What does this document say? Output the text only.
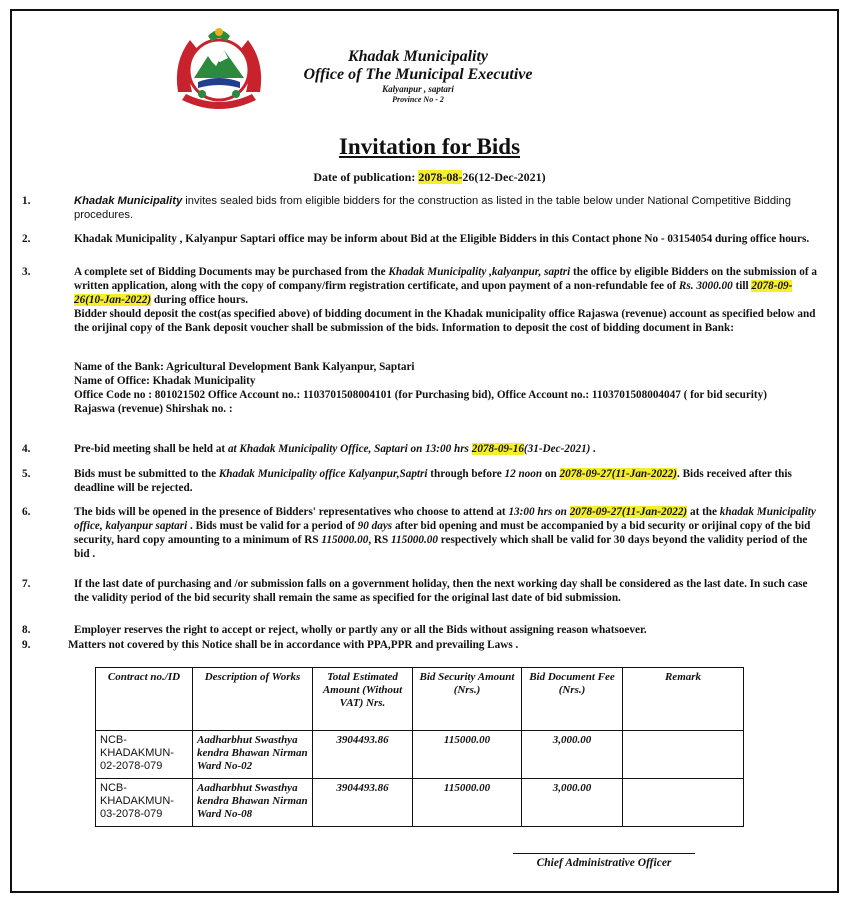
Khadak Municipality
Office of The Municipal Executive
Kalyanpur , saptari
Province No - 2
Invitation for Bids
Date of publication: 2078-08-26(12-Dec-2021)
1.	Khadak Municipality invites sealed bids from eligible bidders for the construction as listed in the table below under National Competitive Bidding procedures.
2.	Khadak Municipality , Kalyanpur Saptari office may be inform about Bid at the Eligible Bidders in this Contact phone No - 03154054 during office hours.
3.	A complete set of Bidding Documents may be purchased from the Khadak Municipality ,kalyanpur, saptri the office by eligible Bidders on the submission of a written application, along with the copy of company/firm registration certificate, and upon payment of a non-refundable fee of Rs. 3000.00 till 2078-09-26(10-Jan-2022) during office hours.
Bidder should deposit the cost(as specified above) of bidding document in the Khadak municipality office Rajaswa (revenue) account as specified below and the orijinal copy of the Bank deposit voucher shall be submission of the bids. Information to deposit the cost of bidding document in Bank:
Name of the Bank: Agricultural Development Bank Kalyanpur, Saptari
Name of Office: Khadak Municipality
Office Code no : 801021502 Office Account no.: 1103701508004101 (for Purchasing bid), Office Account no.: 1103701508004047 ( for bid security)
Rajaswa (revenue) Shirshak no. :
4.	Pre-bid meeting shall be held at at Khadak Municipality Office, Saptari on 13:00 hrs 2078-09-16(31-Dec-2021) .
5.	Bids must be submitted to the Khadak Municipality office Kalyanpur,Saptri through before 12 noon on 2078-09-27(11-Jan-2022). Bids received after this deadline will be rejected.
6.	The bids will be opened in the presence of Bidders' representatives who choose to attend at 13:00 hrs on 2078-09-27(11-Jan-2022) at the khadak Municipality office, kalyanpur saptari . Bids must be valid for a period of 90 days after bid opening and must be accompanied by a bid security or orijinal copy of the bid security, hard copy amounting to a minimum of RS 115000.00, RS 115000.00 respectively which shall be valid for 30 days beyond the validity period of the bid .
7.	If the last date of purchasing and /or submission falls on a government holiday, then the next working day shall be considered as the last date. In such case the validity period of the bid security shall remain the same as specified for the original last date of bid submission.
8.	Employer reserves the right to accept or reject, wholly or partly any or all the Bids without assigning reason whatsoever.
9.	Matters not covered by this Notice shall be in accordance with PPA,PPR and prevailing Laws .
Contract no./ID	Description of Works	Total Estimated Amount (Without VAT) Nrs.	Bid Security Amount (Nrs.)	Bid Document Fee (Nrs.)	Remark
NCB-KHADAKMUN-02-2078-079	Aadharbhut Swasthya kendra Bhawan Nirman Ward No-02	3904493.86	115000.00	3,000.00	
NCB-KHADAKMUN-03-2078-079	Aadharbhut Swasthya kendra Bhawan Nirman Ward No-08	3904493.86	115000.00	3,000.00	
Chief Administrative Officer
